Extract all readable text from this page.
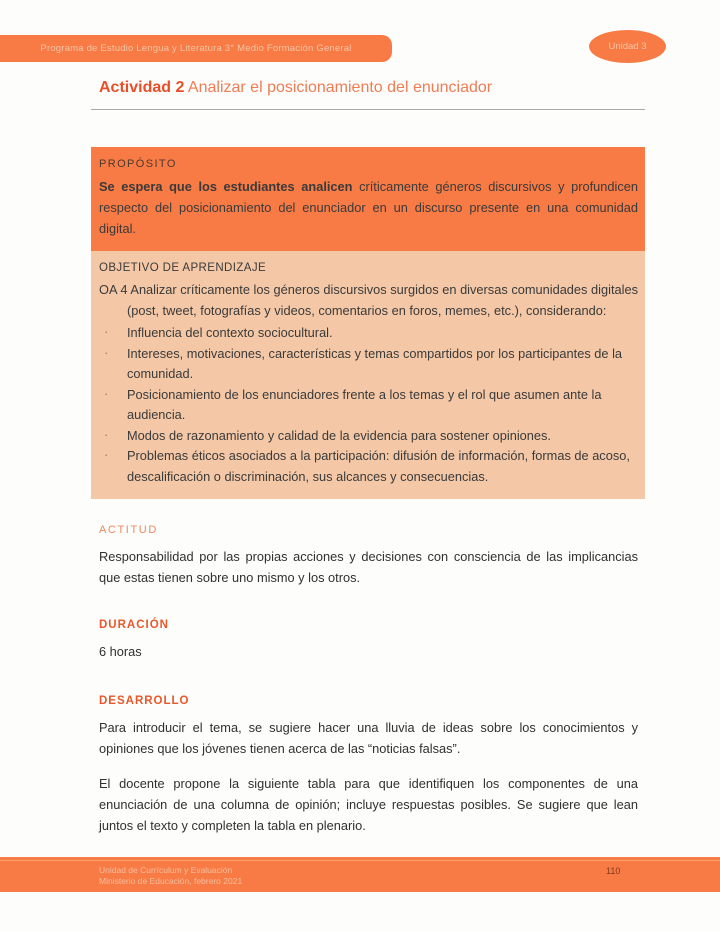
Programa de Estudio Lengua y Literatura 3° Medio Formación General	Unidad 3
Actividad 2 Analizar el posicionamiento del enunciador
PROPÓSITO
Se espera que los estudiantes analicen críticamente géneros discursivos y profundicen respecto del posicionamiento del enunciador en un discurso presente en una comunidad digital.
OBJETIVO DE APRENDIZAJE
OA 4 Analizar críticamente los géneros discursivos surgidos en diversas comunidades digitales (post, tweet, fotografías y videos, comentarios en foros, memes, etc.), considerando:
· Influencia del contexto sociocultural.
· Intereses, motivaciones, características y temas compartidos por los participantes de la comunidad.
· Posicionamiento de los enunciadores frente a los temas y el rol que asumen ante la audiencia.
· Modos de razonamiento y calidad de la evidencia para sostener opiniones.
· Problemas éticos asociados a la participación: difusión de información, formas de acoso, descalificación o discriminación, sus alcances y consecuencias.
ACTITUD
Responsabilidad por las propias acciones y decisiones con consciencia de las implicancias que estas tienen sobre uno mismo y los otros.
DURACIÓN
6 horas
DESARROLLO
Para introducir el tema, se sugiere hacer una lluvia de ideas sobre los conocimientos y opiniones que los jóvenes tienen acerca de las “noticias falsas”.
El docente propone la siguiente tabla para que identifiquen los componentes de una enunciación de una columna de opinión; incluye respuestas posibles. Se sugiere que lean juntos el texto y completen la tabla en plenario.
Unidad de Currículum y Evaluación
Ministerio de Educación, febrero 2021
110
